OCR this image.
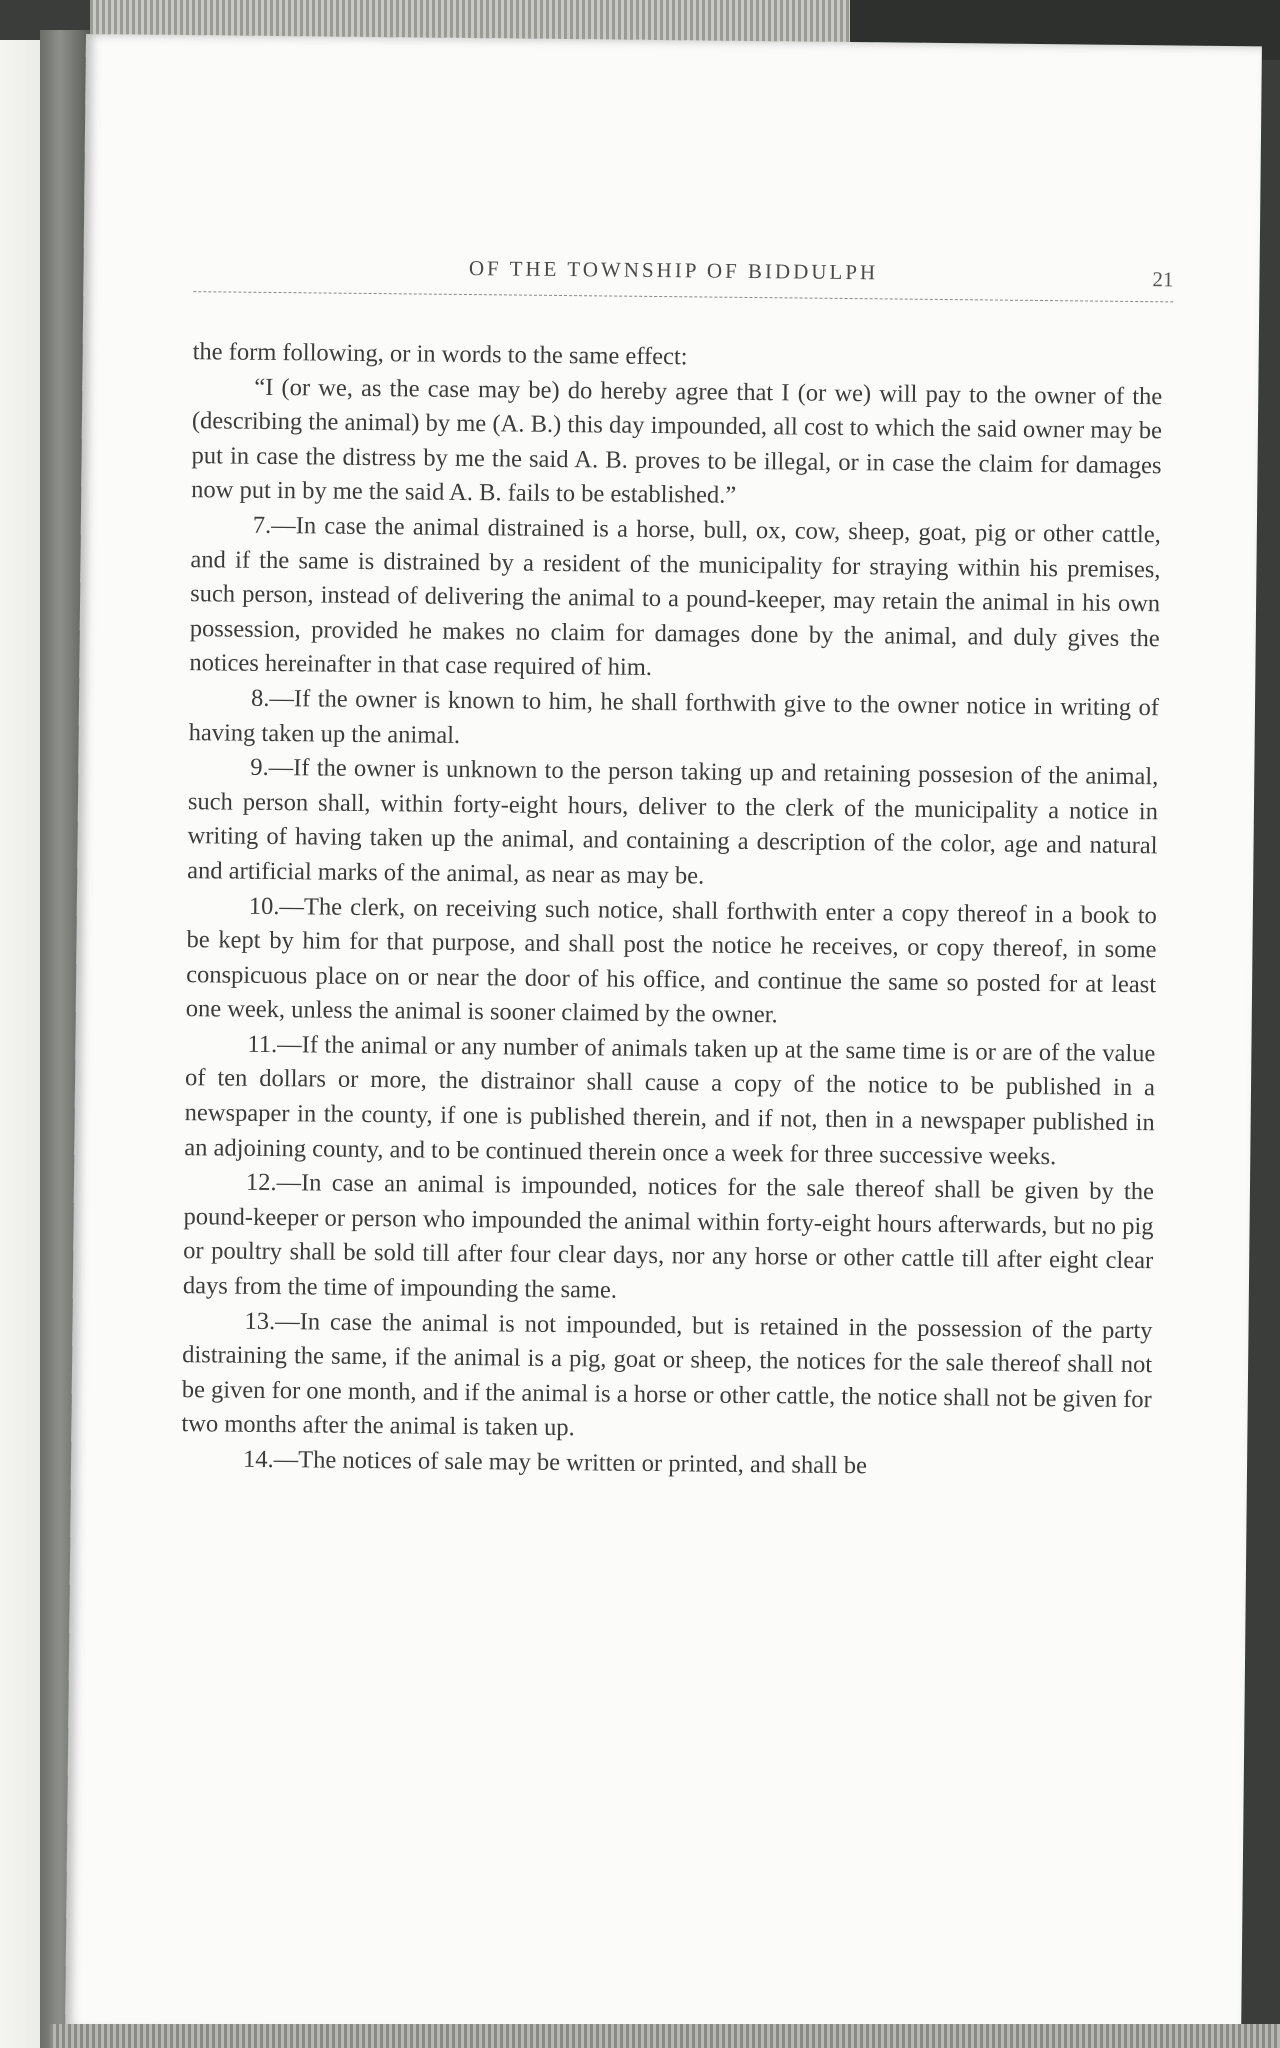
OF THE TOWNSHIP OF BIDDULPH	21

the form following, or in words to the same effect:

“I (or we, as the case may be) do hereby agree that I (or we) will pay to the owner of the (describing the animal) by me (A. B.) this day impounded, all cost to which the said owner may be put in case the distress by me the said A. B. proves to be illegal, or in case the claim for damages now put in by me the said A. B. fails to be established.”

7.—In case the animal distrained is a horse, bull, ox, cow, sheep, goat, pig or other cattle, and if the same is distrained by a resident of the municipality for straying within his premises, such person, instead of delivering the animal to a pound-keeper, may retain the animal in his own possession, provided he makes no claim for damages done by the animal, and duly gives the notices hereinafter in that case required of him.

8.—If the owner is known to him, he shall forthwith give to the owner notice in writing of having taken up the animal.

9.—If the owner is unknown to the person taking up and retaining possesion of the animal, such person shall, within forty-eight hours, deliver to the clerk of the municipality a notice in writing of having taken up the animal, and containing a description of the color, age and natural and artificial marks of the animal, as near as may be.

10.—The clerk, on receiving such notice, shall forthwith enter a copy thereof in a book to be kept by him for that purpose, and shall post the notice he receives, or copy thereof, in some conspicuous place on or near the door of his office, and continue the same so posted for at least one week, unless the animal is sooner claimed by the owner.

11.—If the animal or any number of animals taken up at the same time is or are of the value of ten dollars or more, the distrainor shall cause a copy of the notice to be published in a newspaper in the county, if one is published therein, and if not, then in a newspaper published in an adjoining county, and to be continued therein once a week for three successive weeks.

12.—In case an animal is impounded, notices for the sale thereof shall be given by the pound-keeper or person who impounded the animal within forty-eight hours afterwards, but no pig or poultry shall be sold till after four clear days, nor any horse or other cattle till after eight clear days from the time of impounding the same.

13.—In case the animal is not impounded, but is retained in the possession of the party distraining the same, if the animal is a pig, goat or sheep, the notices for the sale thereof shall not be given for one month, and if the animal is a horse or other cattle, the notice shall not be given for two months after the animal is taken up.

14.—The notices of sale may be written or printed, and shall be
